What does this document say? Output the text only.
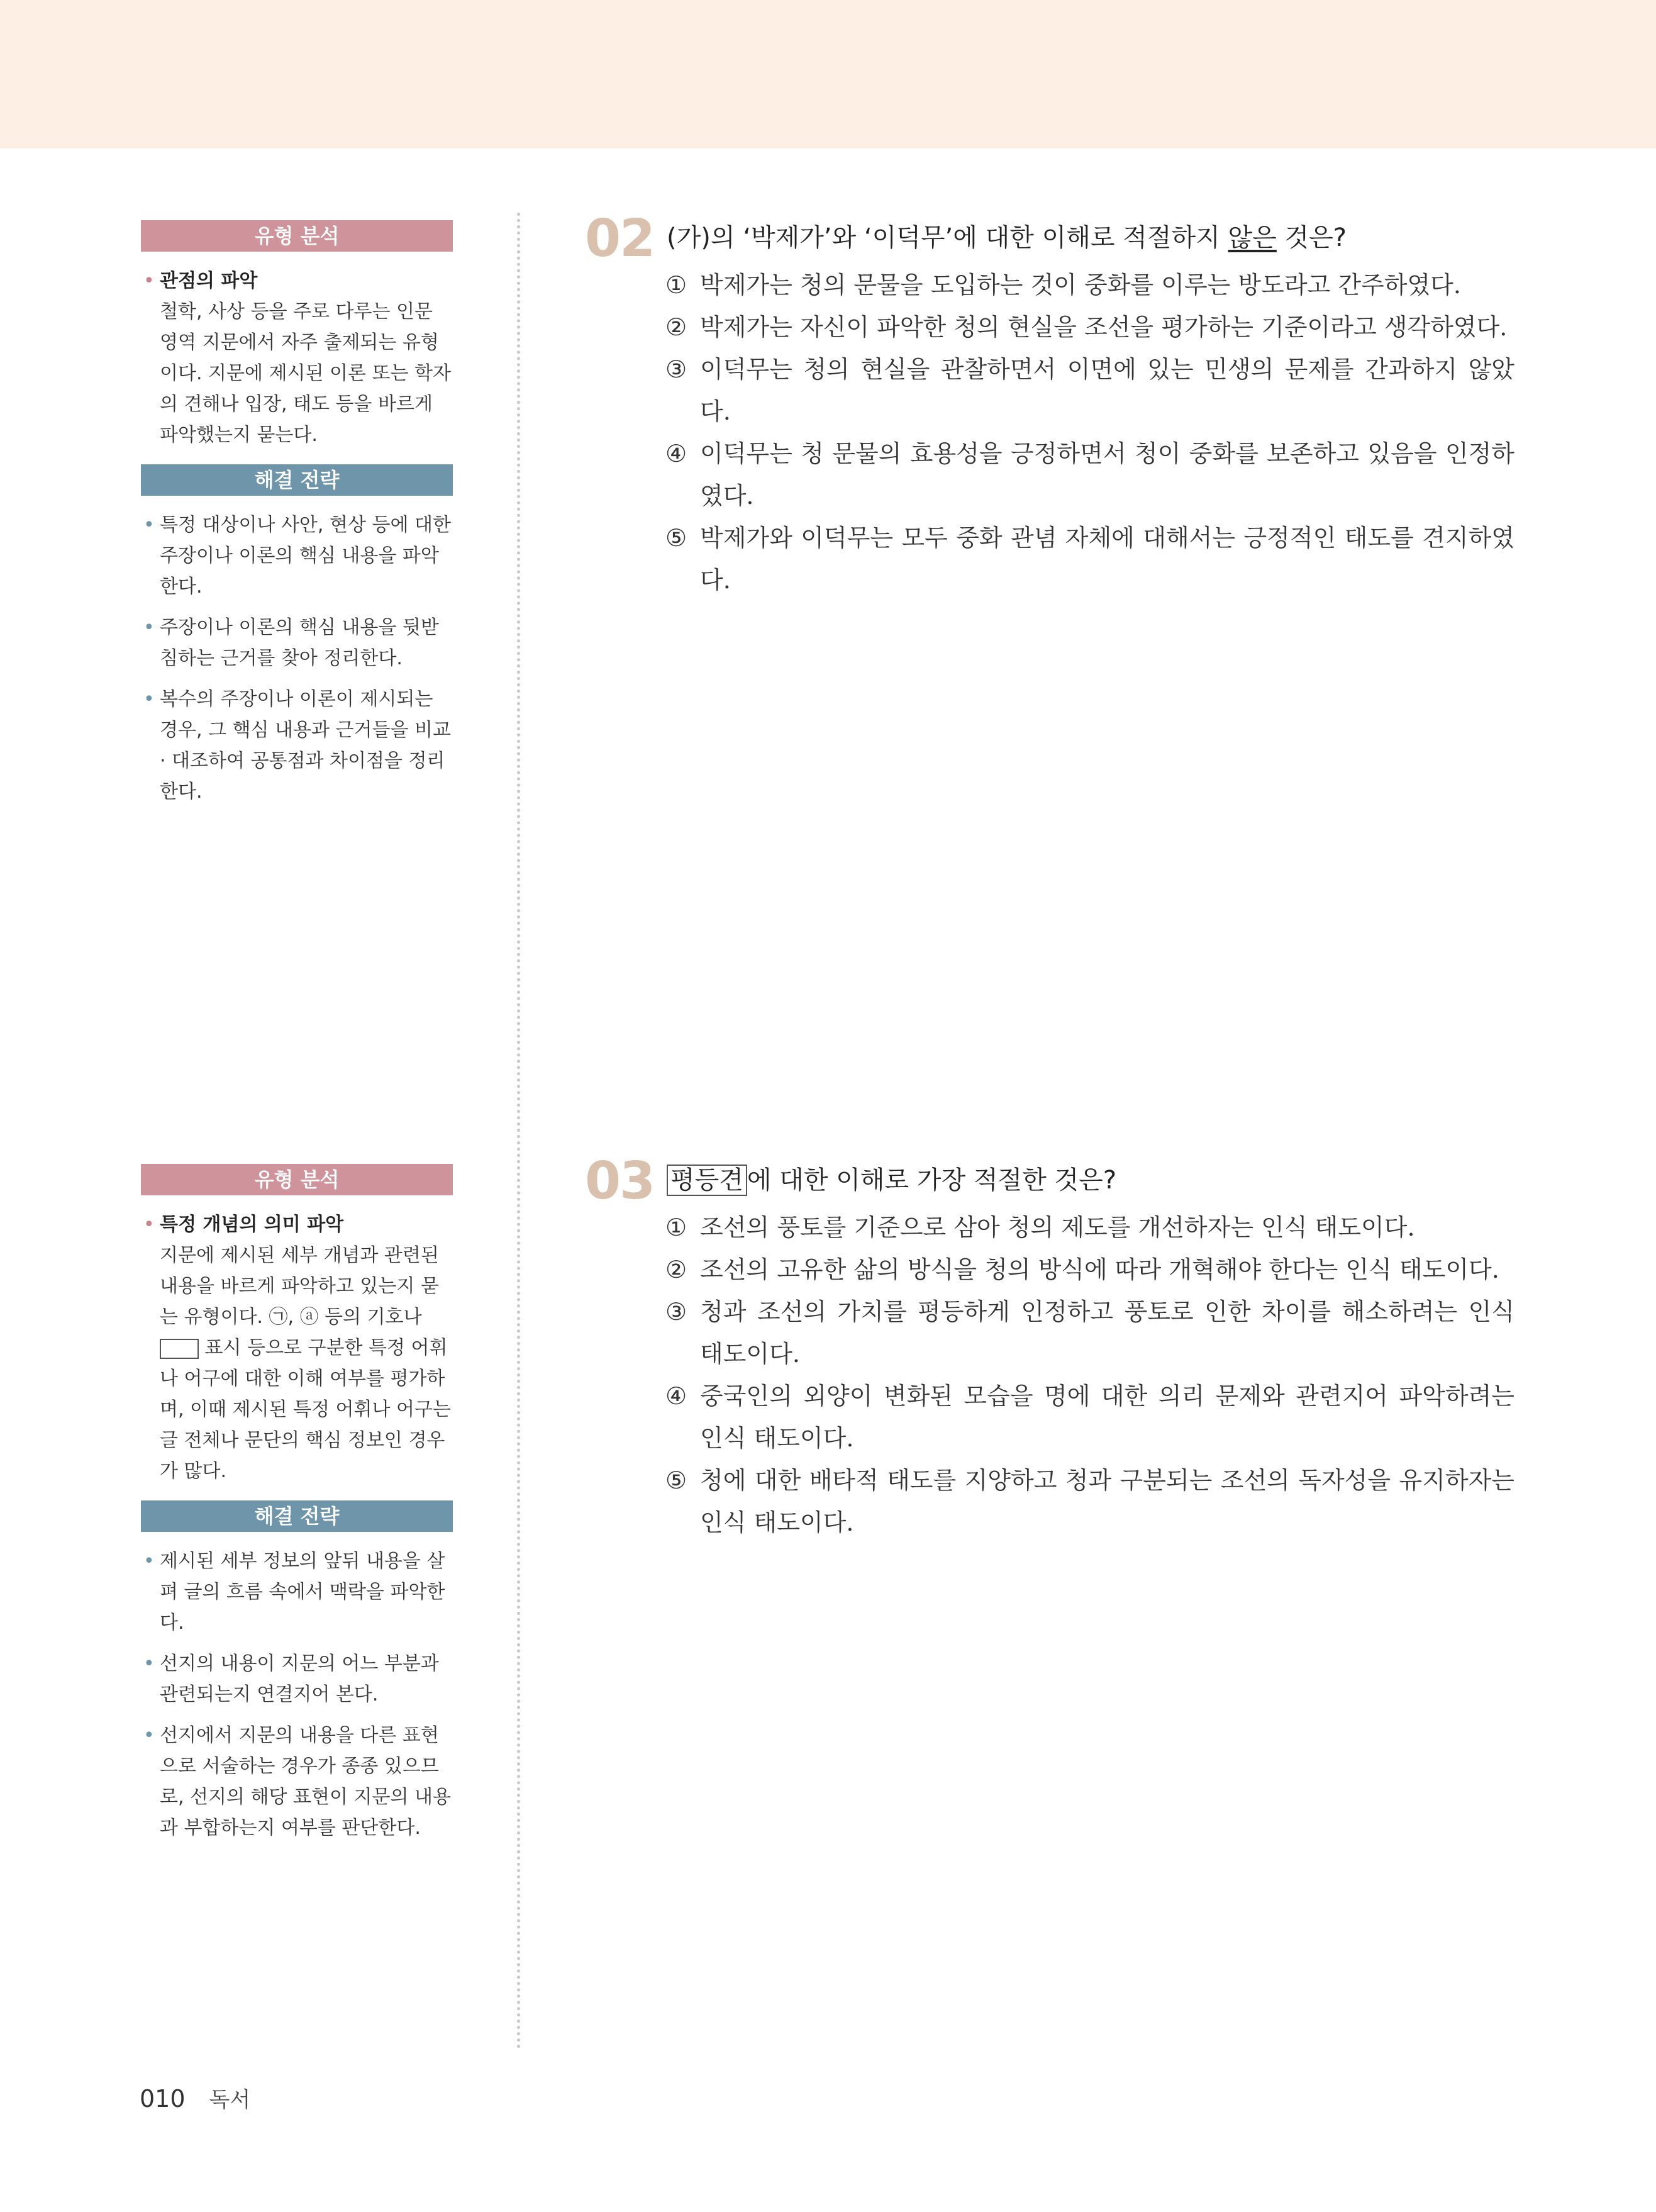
유형 분석
• 관점의 파악
철학, 사상 등을 주로 다루는 인문 영역 지문에서 자주 출제되는 유형이다. 지문에 제시된 이론 또는 학자의 견해나 입장, 태도 등을 바르게 파악했는지 묻는다.
해결 전략
• 특정 대상이나 사안, 현상 등에 대한 주장이나 이론의 핵심 내용을 파악한다.
• 주장이나 이론의 핵심 내용을 뒷받침하는 근거를 찾아 정리한다.
• 복수의 주장이나 이론이 제시되는 경우, 그 핵심 내용과 근거들을 비교 · 대조하여 공통점과 차이점을 정리한다.
유형 분석
• 특정 개념의 의미 파악
지문에 제시된 세부 개념과 관련된 내용을 바르게 파악하고 있는지 묻는 유형이다. ㉠, ⓐ 등의 기호나  표시 등으로 구분한 특정 어휘나 어구에 대한 이해 여부를 평가하며, 이때 제시된 특정 어휘나 어구는 글 전체나 문단의 핵심 정보인 경우가 많다.
해결 전략
• 제시된 세부 정보의 앞뒤 내용을 살펴 글의 흐름 속에서 맥락을 파악한다.
• 선지의 내용이 지문의 어느 부분과 관련되는지 연결지어 본다.
• 선지에서 지문의 내용을 다른 표현으로 서술하는 경우가 종종 있으므로, 선지의 해당 표현이 지문의 내용과 부합하는지 여부를 판단한다.
02 (가)의 ‘박제가’와 ‘이덕무’에 대한 이해로 적절하지 않은 것은?
① 박제가는 청의 문물을 도입하는 것이 중화를 이루는 방도라고 간주하였다.
② 박제가는 자신이 파악한 청의 현실을 조선을 평가하는 기준이라고 생각하였다.
③ 이덕무는 청의 현실을 관찰하면서 이면에 있는 민생의 문제를 간과하지 않았다.
④ 이덕무는 청 문물의 효용성을 긍정하면서 청이 중화를 보존하고 있음을 인정하였다.
⑤ 박제가와 이덕무는 모두 중화 관념 자체에 대해서는 긍정적인 태도를 견지하였다.
03 평등견 에 대한 이해로 가장 적절한 것은?
① 조선의 풍토를 기준으로 삼아 청의 제도를 개선하자는 인식 태도이다.
② 조선의 고유한 삶의 방식을 청의 방식에 따라 개혁해야 한다는 인식 태도이다.
③ 청과 조선의 가치를 평등하게 인정하고 풍토로 인한 차이를 해소하려는 인식 태도이다.
④ 중국인의 외양이 변화된 모습을 명에 대한 의리 문제와 관련지어 파악하려는 인식 태도이다.
⑤ 청에 대한 배타적 태도를 지양하고 청과 구분되는 조선의 독자성을 유지하자는 인식 태도이다.
010 독서
